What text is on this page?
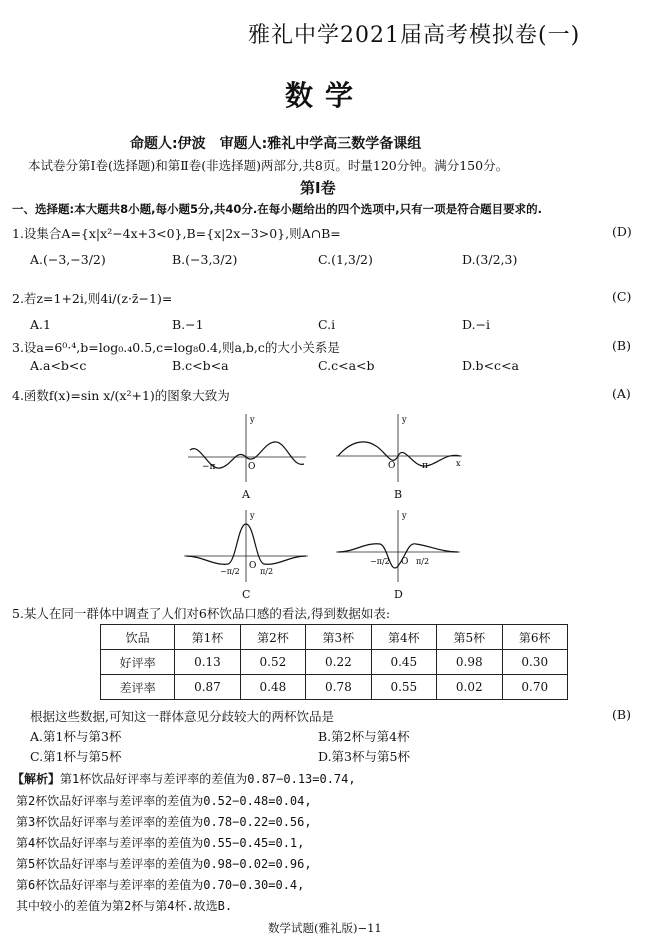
雅礼中学2021届高考模拟卷(一)
数学
命题人:伊波　审题人:雅礼中学高三数学备课组
本试卷分第Ⅰ卷(选择题)和第Ⅱ卷(非选择题)两部分,共8页。时量120分钟。满分150分。
第Ⅰ卷
一、选择题:本大题共8小题,每小题5分,共40分.在每小题给出的四个选项中,只有一项是符合题目要求的.
1.设集合A={x|x²−4x+3<0},B={x|2x−3>0},则A∩B=	(D)
A.(−3,−3/2)	B.(−3,3/2)	C.(1,3/2)	D.(3/2,3)
2.若z=1+2i,则4i/(z·z̄−1)=	(C)
A.1	B.−1	C.i	D.−i
3.设a=6⁰·⁴,b=log₀.₄0.5,c=log₈0.4,则a,b,c的大小关系是	(B)
A.a<b<c	B.c<b<a	C.c<a<b	D.b<c<a
4.函数f(x)=sin x/(x²+1)的图象大致为	(A)
−π	O
y
A
O	π	x
y
B
−π/2
O
π/2
y
C
−π/2 O π/2
y
D
5.某人在同一群体中调查了人们对6杯饮品口感的看法,得到数据如表:
饮品	第1杯	第2杯	第3杯	第4杯	第5杯	第6杯
好评率	0.13	0.52	0.22	0.45	0.98	0.30
差评率	0.87	0.48	0.78	0.55	0.02	0.70
根据这些数据,可知这一群体意见分歧较大的两杯饮品是	(B)
A.第1杯与第3杯	B.第2杯与第4杯
C.第1杯与第5杯	D.第3杯与第5杯
【解析】第1杯饮品好评率与差评率的差值为0.87−0.13=0.74,
第2杯饮品好评率与差评率的差值为0.52−0.48=0.04,
第3杯饮品好评率与差评率的差值为0.78−0.22=0.56,
第4杯饮品好评率与差评率的差值为0.55−0.45=0.1,
第5杯饮品好评率与差评率的差值为0.98−0.02=0.96,
第6杯饮品好评率与差评率的差值为0.70−0.30=0.4,
其中较小的差值为第2杯与第4杯.故选B.
数学试题(雅礼版)−11
